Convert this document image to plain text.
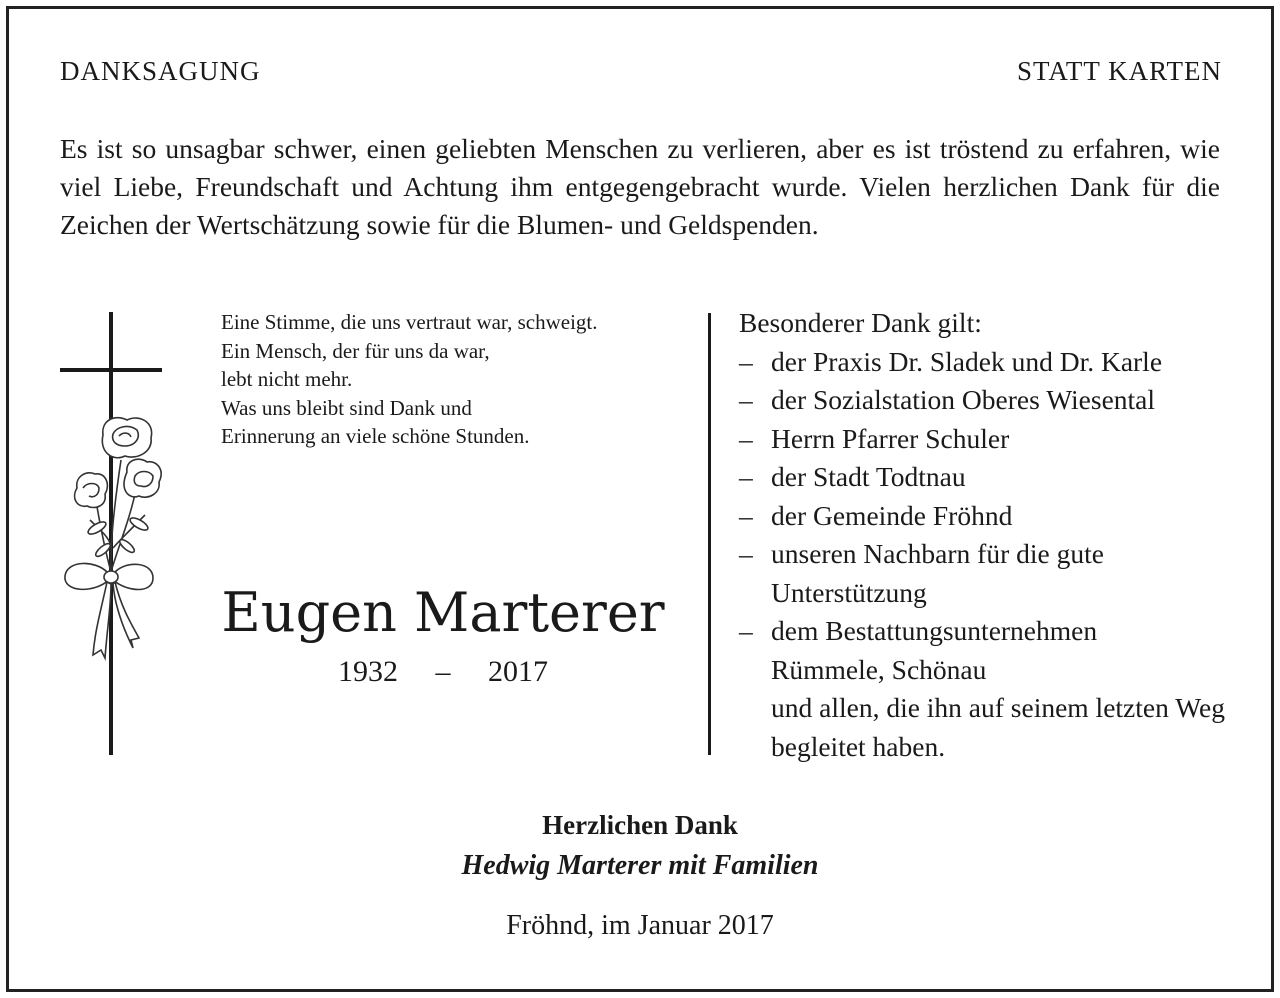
DANKSAGUNG	STATT KARTEN
Es ist so unsagbar schwer, einen geliebten Menschen zu verlieren, aber es ist tröstend zu erfahren, wie viel Liebe, Freundschaft und Achtung ihm entgegengebracht wurde. Vielen herzlichen Dank für die Zeichen der Wertschätzung sowie für die Blumen- und Geldspenden.
Eine Stimme, die uns vertraut war, schweigt.
Ein Mensch, der für uns da war,
lebt nicht mehr.
Was uns bleibt sind Dank und
Erinnerung an viele schöne Stunden.
Eugen Marterer
1932 – 2017
Besonderer Dank gilt:
– der Praxis Dr. Sladek und Dr. Karle
– der Sozialstation Oberes Wiesental
– Herrn Pfarrer Schuler
– der Stadt Todtnau
– der Gemeinde Fröhnd
– unseren Nachbarn für die gute Unterstützung
– dem Bestattungsunternehmen Rümmele, Schönau
und allen, die ihn auf seinem letzten Weg begleitet haben.
Herzlichen Dank
Hedwig Marterer mit Familien
Fröhnd, im Januar 2017
